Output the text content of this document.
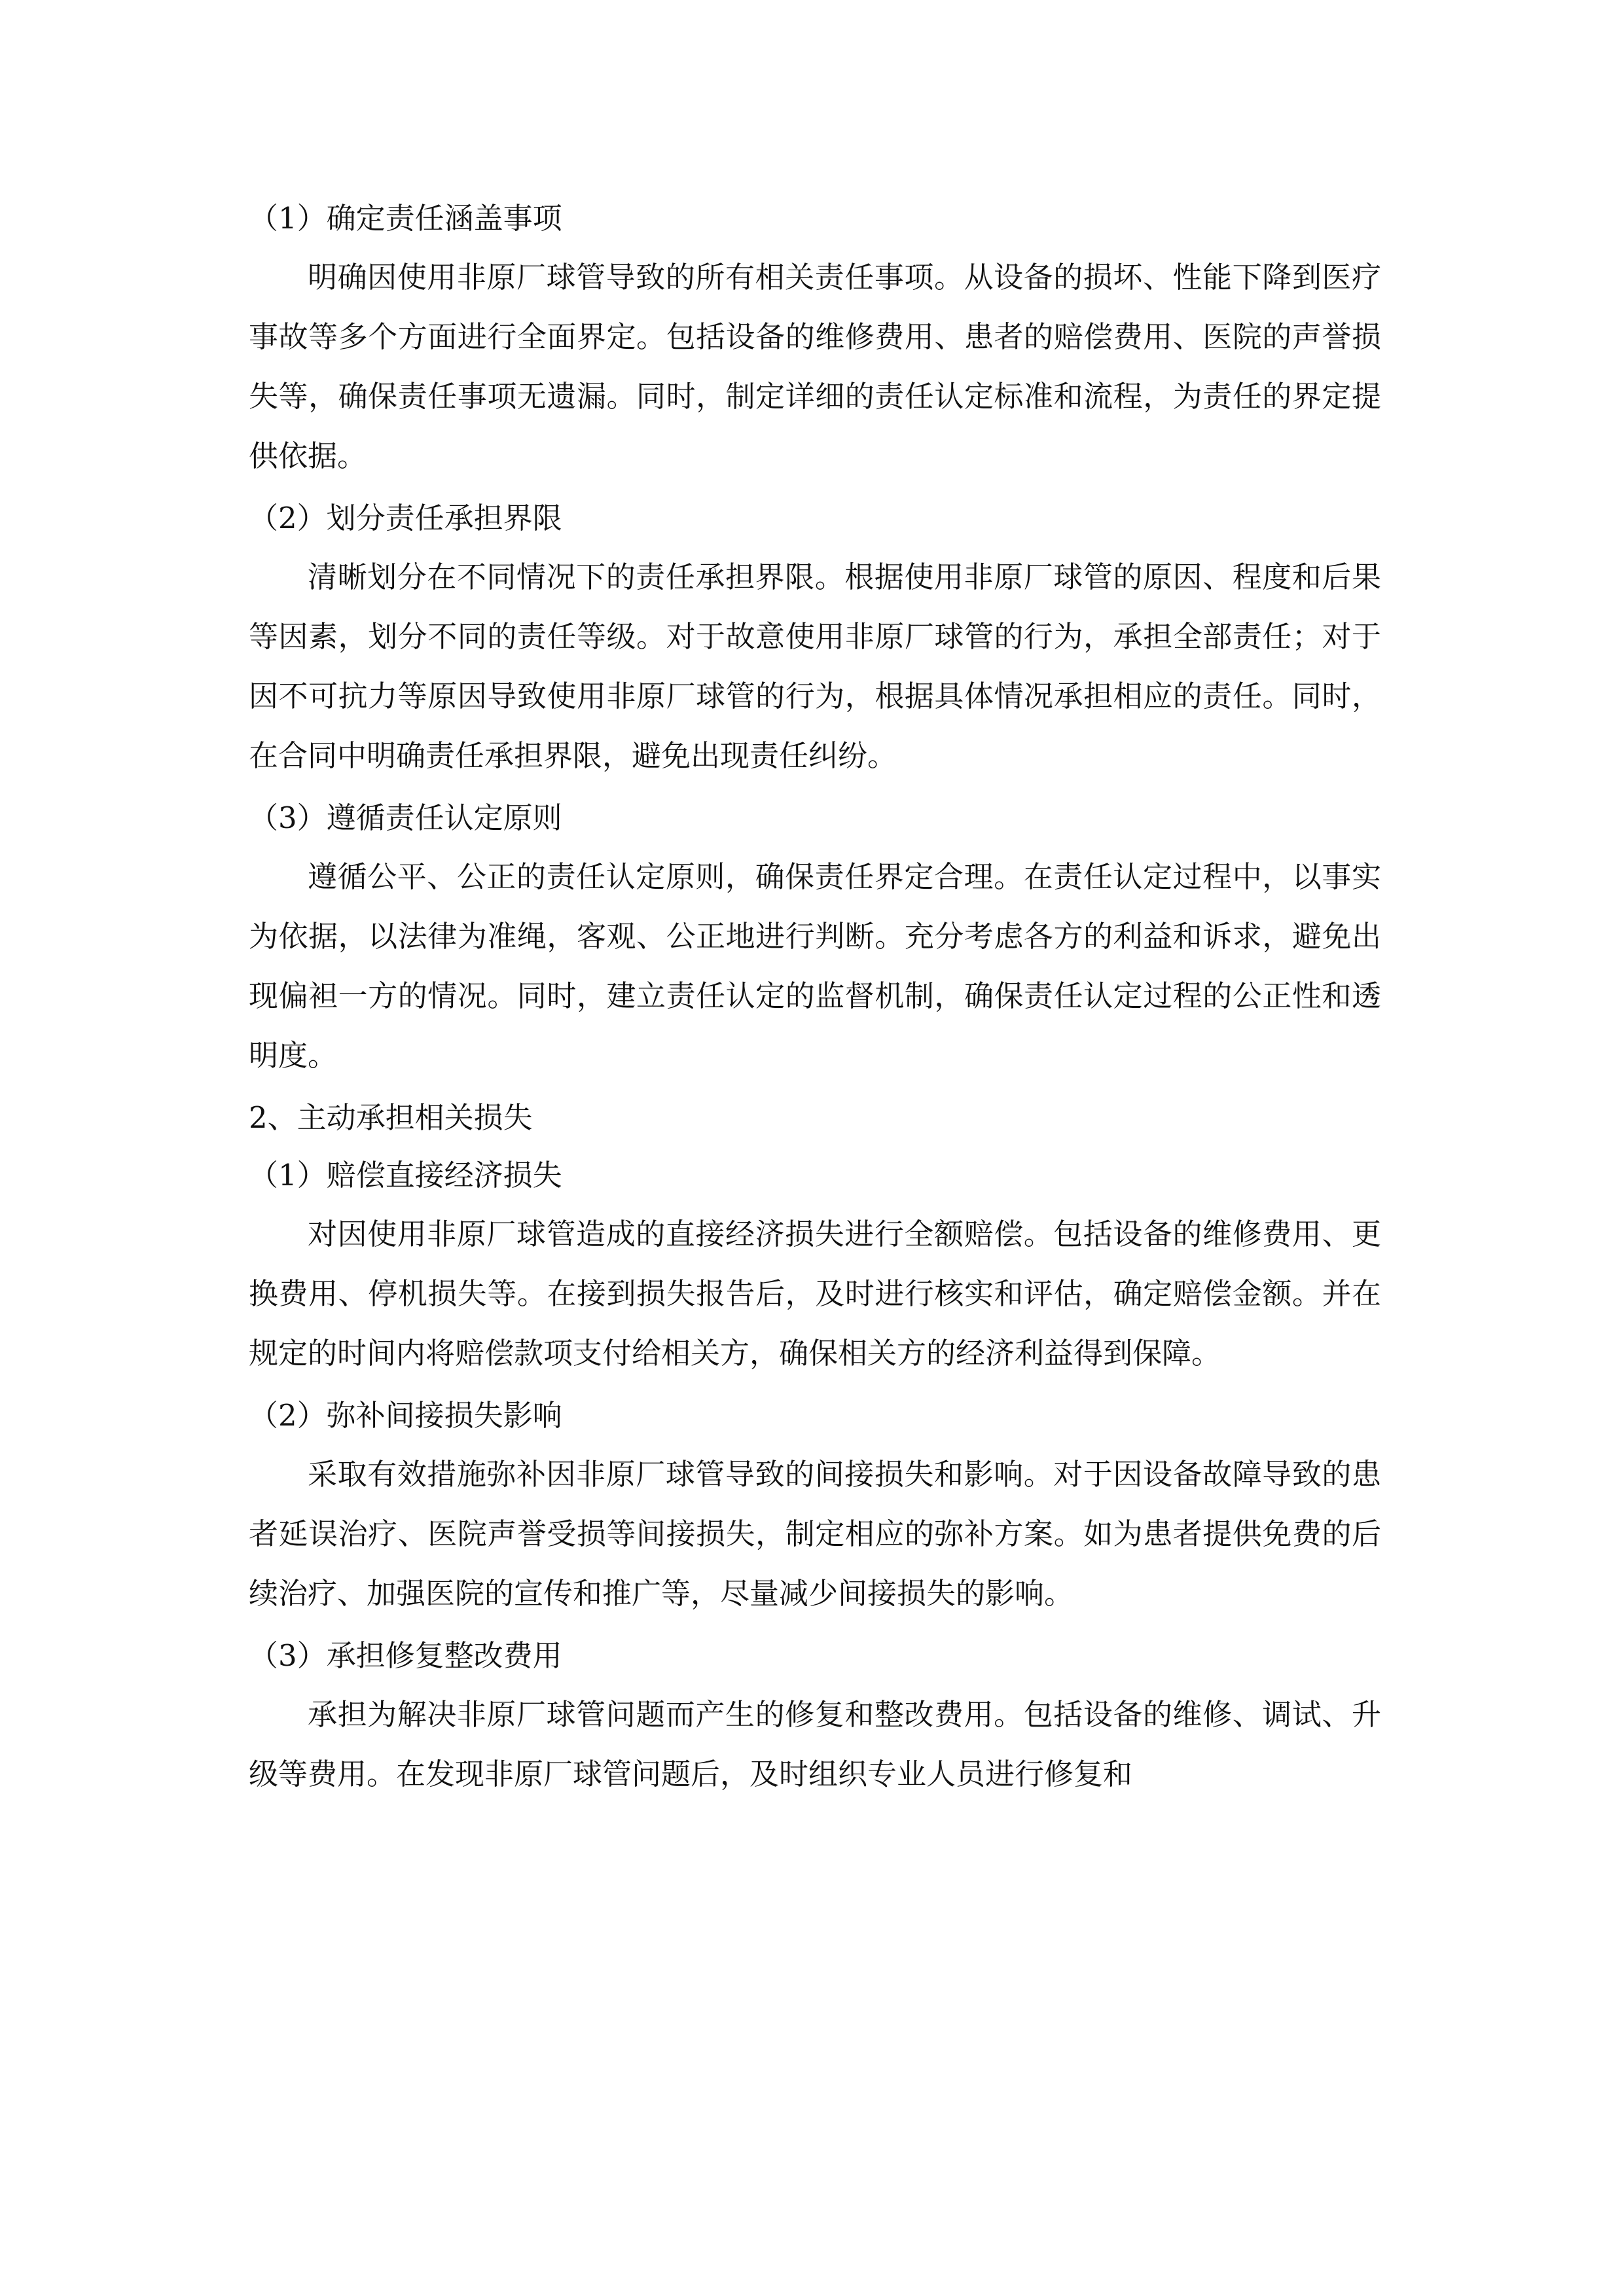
（1）确定责任涵盖事项

明确因使用非原厂球管导致的所有相关责任事项。从设备的损坏、性能下降到医疗事故等多个方面进行全面界定。包括设备的维修费用、患者的赔偿费用、医院的声誉损失等，确保责任事项无遗漏。同时，制定详细的责任认定标准和流程，为责任的界定提供依据。

（2）划分责任承担界限

清晰划分在不同情况下的责任承担界限。根据使用非原厂球管的原因、程度和后果等因素，划分不同的责任等级。对于故意使用非原厂球管的行为，承担全部责任；对于因不可抗力等原因导致使用非原厂球管的行为，根据具体情况承担相应的责任。同时，在合同中明确责任承担界限，避免出现责任纠纷。

（3）遵循责任认定原则

遵循公平、公正的责任认定原则，确保责任界定合理。在责任认定过程中，以事实为依据，以法律为准绳，客观、公正地进行判断。充分考虑各方的利益和诉求，避免出现偏袒一方的情况。同时，建立责任认定的监督机制，确保责任认定过程的公正性和透明度。

2、主动承担相关损失

（1）赔偿直接经济损失

对因使用非原厂球管造成的直接经济损失进行全额赔偿。包括设备的维修费用、更换费用、停机损失等。在接到损失报告后，及时进行核实和评估，确定赔偿金额。并在规定的时间内将赔偿款项支付给相关方，确保相关方的经济利益得到保障。

（2）弥补间接损失影响

采取有效措施弥补因非原厂球管导致的间接损失和影响。对于因设备故障导致的患者延误治疗、医院声誉受损等间接损失，制定相应的弥补方案。如为患者提供免费的后续治疗、加强医院的宣传和推广等，尽量减少间接损失的影响。

（3）承担修复整改费用

承担为解决非原厂球管问题而产生的修复和整改费用。包括设备的维修、调试、升级等费用。在发现非原厂球管问题后，及时组织专业人员进行修复和
